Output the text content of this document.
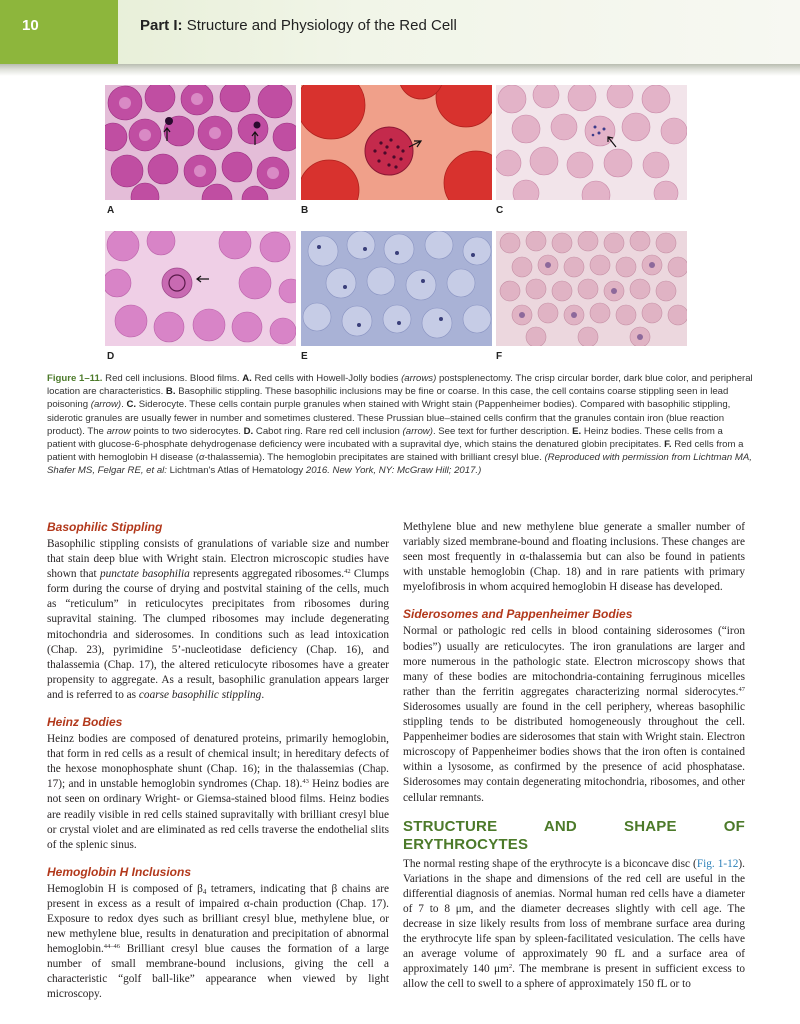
10	Part I: Structure and Physiology of the Red Cell
A	B	C
D	E	F
Figure 1–11. Red cell inclusions. Blood films. A. Red cells with Howell-Jolly bodies (arrows) postsplenectomy. The crisp circular border, dark blue color, and peripheral location are characteristics. B. Basophilic stippling. These basophilic inclusions may be fine or coarse. In this case, the cell contains coarse stippling seen in lead poisoning (arrow). C. Siderocyte. These cells contain purple granules when stained with Wright stain (Pappenheimer bodies). Compared with basophilic stippling, siderotic granules are usually fewer in number and sometimes clustered. These Prussian blue–stained cells confirm that the granules contain iron (blue reaction product). The arrow points to two siderocytes. D. Cabot ring. Rare red cell inclusion (arrow). See text for further description. E. Heinz bodies. These cells from a patient with glucose-6-phosphate dehydrogenase deficiency were incubated with a supravital dye, which stains the denatured globin precipitates. F. Red cells from a patient with hemoglobin H disease (α-thalassemia). The hemoglobin precipitates are stained with brilliant cresyl blue. (Reproduced with permission from Lichtman MA, Shafer MS, Felgar RE, et al: Lichtman's Atlas of Hematology 2016. New York, NY: McGraw Hill; 2017.)
Basophilic Stippling

Basophilic stippling consists of granulations of variable size and number that stain deep blue with Wright stain. Electron microscopic studies have shown that punctate basophilia represents aggregated ribosomes.$^{42}$ Clumps form during the course of drying and postvital staining of the cells, much as “reticulum” in reticulocytes precipitates from ribosomes during supravital staining. The clumped ribosomes may include degenerating mitochondria and siderosomes. In conditions such as lead intoxication (Chap. 23), pyrimidine 5’-nucleotidase deficiency (Chap. 16), and thalassemia (Chap. 17), the altered reticulocyte ribosomes have a greater propensity to aggregate. As a result, basophilic granulation appears larger and is referred to as coarse basophilic stippling.

Heinz Bodies

Heinz bodies are composed of denatured proteins, primarily hemoglobin, that form in red cells as a result of chemical insult; in hereditary defects of the hexose monophosphate shunt (Chap. 16); in the thalassemias (Chap. 17); and in unstable hemoglobin syndromes (Chap. 18).$^{43}$ Heinz bodies are not seen on ordinary Wright- or Giemsa-stained blood films. Heinz bodies are readily visible in red cells stained supravitally with brilliant cresyl blue or crystal violet and are eliminated as red cells traverse the endothelial slits of the splenic sinus.

Hemoglobin H Inclusions

Hemoglobin H is composed of $\beta_4$ tetramers, indicating that β chains are present in excess as a result of impaired α-chain production (Chap. 17). Exposure to redox dyes such as brilliant cresyl blue, methylene blue, or new methylene blue, results in denaturation and precipitation of abnormal hemoglobin.$^{44-46}$ Brilliant cresyl blue causes the formation of a large number of small membrane-bound inclusions, giving the cell a characteristic “golf ball-like” appearance when viewed by light microscopy.

Methylene blue and new methylene blue generate a smaller number of variably sized membrane-bound and floating inclusions. These changes are seen most frequently in α-thalassemia but can also be found in patients with unstable hemoglobin (Chap. 18) and in rare patients with primary myelofibrosis in whom acquired hemoglobin H disease has developed.

Siderosomes and Pappenheimer Bodies

Normal or pathologic red cells in blood containing siderosomes (“iron bodies”) usually are reticulocytes. The iron granulations are larger and more numerous in the pathologic state. Electron microscopy shows that many of these bodies are mitochondria-containing ferruginous micelles rather than the ferritin aggregates characterizing normal siderocytes.$^{47}$ Siderosomes usually are found in the cell periphery, whereas basophilic stippling tends to be distributed homogeneously throughout the cell. Pappenheimer bodies are siderosomes that stain with Wright stain. Electron microscopy of Pappenheimer bodies shows that the iron often is contained within a lysosome, as confirmed by the presence of acid phosphatase. Siderosomes may contain degenerating mitochondria, ribosomes, and other cellular remnants.

STRUCTURE AND SHAPE OF ERYTHROCYTES

The normal resting shape of the erythrocyte is a biconcave disc (Fig. 1-12). Variations in the shape and dimensions of the red cell are useful in the differential diagnosis of anemias. Normal human red cells have a diameter of 7 to 8 μm, and the diameter decreases slightly with cell age. The decrease in size likely results from loss of membrane surface area during the erythrocyte life span by spleen-facilitated vesiculation. The cells have an average volume of approximately 90 fL and a surface area of approximately 140 $\mu m^2$. The membrane is present in sufficient excess to allow the cell to swell to a sphere of approximately 150 fL or to
